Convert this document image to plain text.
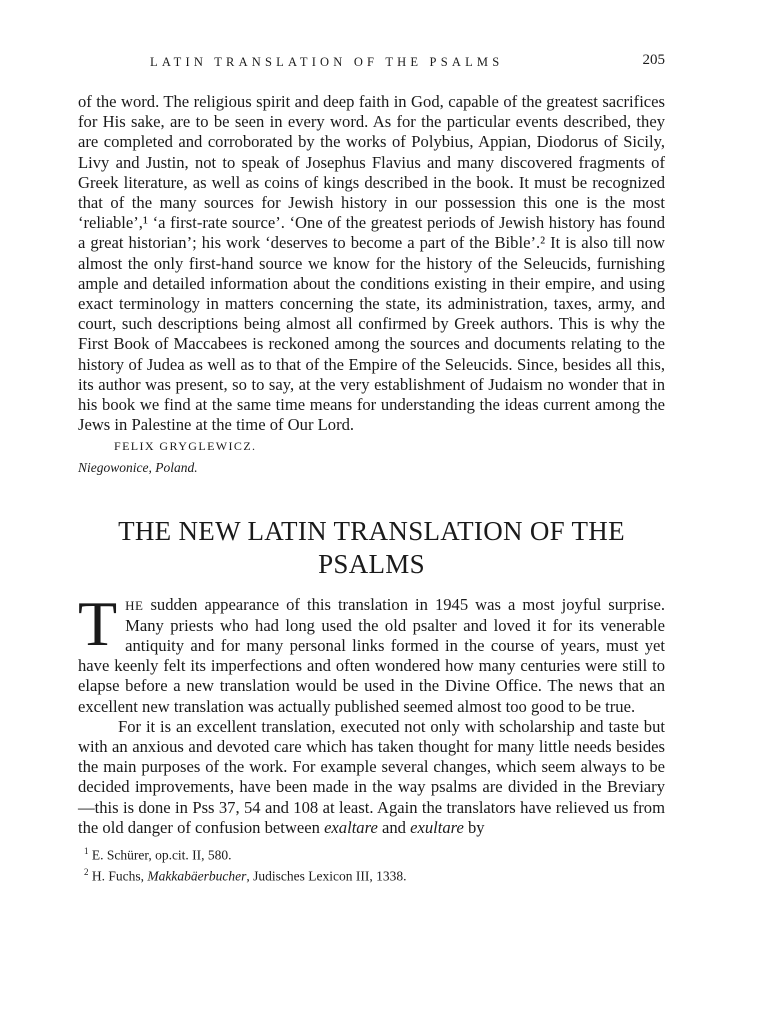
LATIN TRANSLATION OF THE PSALMS	205

of the word. The religious spirit and deep faith in God, capable of the greatest sacrifices for His sake, are to be seen in every word. As for the particular events described, they are completed and corroborated by the works of Polybius, Appian, Diodorus of Sicily, Livy and Justin, not to speak of Josephus Flavius and many discovered fragments of Greek literature, as well as coins of kings described in the book. It must be recognized that of the many sources for Jewish history in our possession this one is the most ‘reliable’,¹ ‘a first-rate source’. ‘One of the greatest periods of Jewish history has found a great historian’; his work ‘deserves to become a part of the Bible’.² It is also till now almost the only first-hand source we know for the history of the Seleucids, furnishing ample and detailed information about the conditions existing in their empire, and using exact terminology in matters concerning the state, its administration, taxes, army, and court, such descriptions being almost all confirmed by Greek authors. This is why the First Book of Maccabees is reckoned among the sources and documents relating to the history of Judea as well as to that of the Empire of the Seleucids. Since, besides all this, its author was present, so to say, at the very establishment of Judaism no wonder that in his book we find at the same time means for understanding the ideas current among the Jews in Palestine at the time of Our Lord.

FELIX GRYGLEWICZ.

Niegowonice, Poland.
THE NEW LATIN TRANSLATION OF THE PSALMS

THE sudden appearance of this translation in 1945 was a most joyful surprise. Many priests who had long used the old psalter and loved it for its venerable antiquity and for many personal links formed in the course of years, must yet have keenly felt its imperfections and often wondered how many centuries were still to elapse before a new translation would be used in the Divine Office. The news that an excellent new translation was actually published seemed almost too good to be true.

For it is an excellent translation, executed not only with scholarship and taste but with an anxious and devoted care which has taken thought for many little needs besides the main purposes of the work. For example several changes, which seem always to be decided improvements, have been made in the way psalms are divided in the Breviary—this is done in Pss 37, 54 and 108 at least. Again the translators have relieved us from the old danger of confusion between exaltare and exultare by

$^1$ E. Schürer, op.cit. II, 580.
$^2$ H. Fuchs, Makkabäerbucher, Judisches Lexicon III, 1338.
